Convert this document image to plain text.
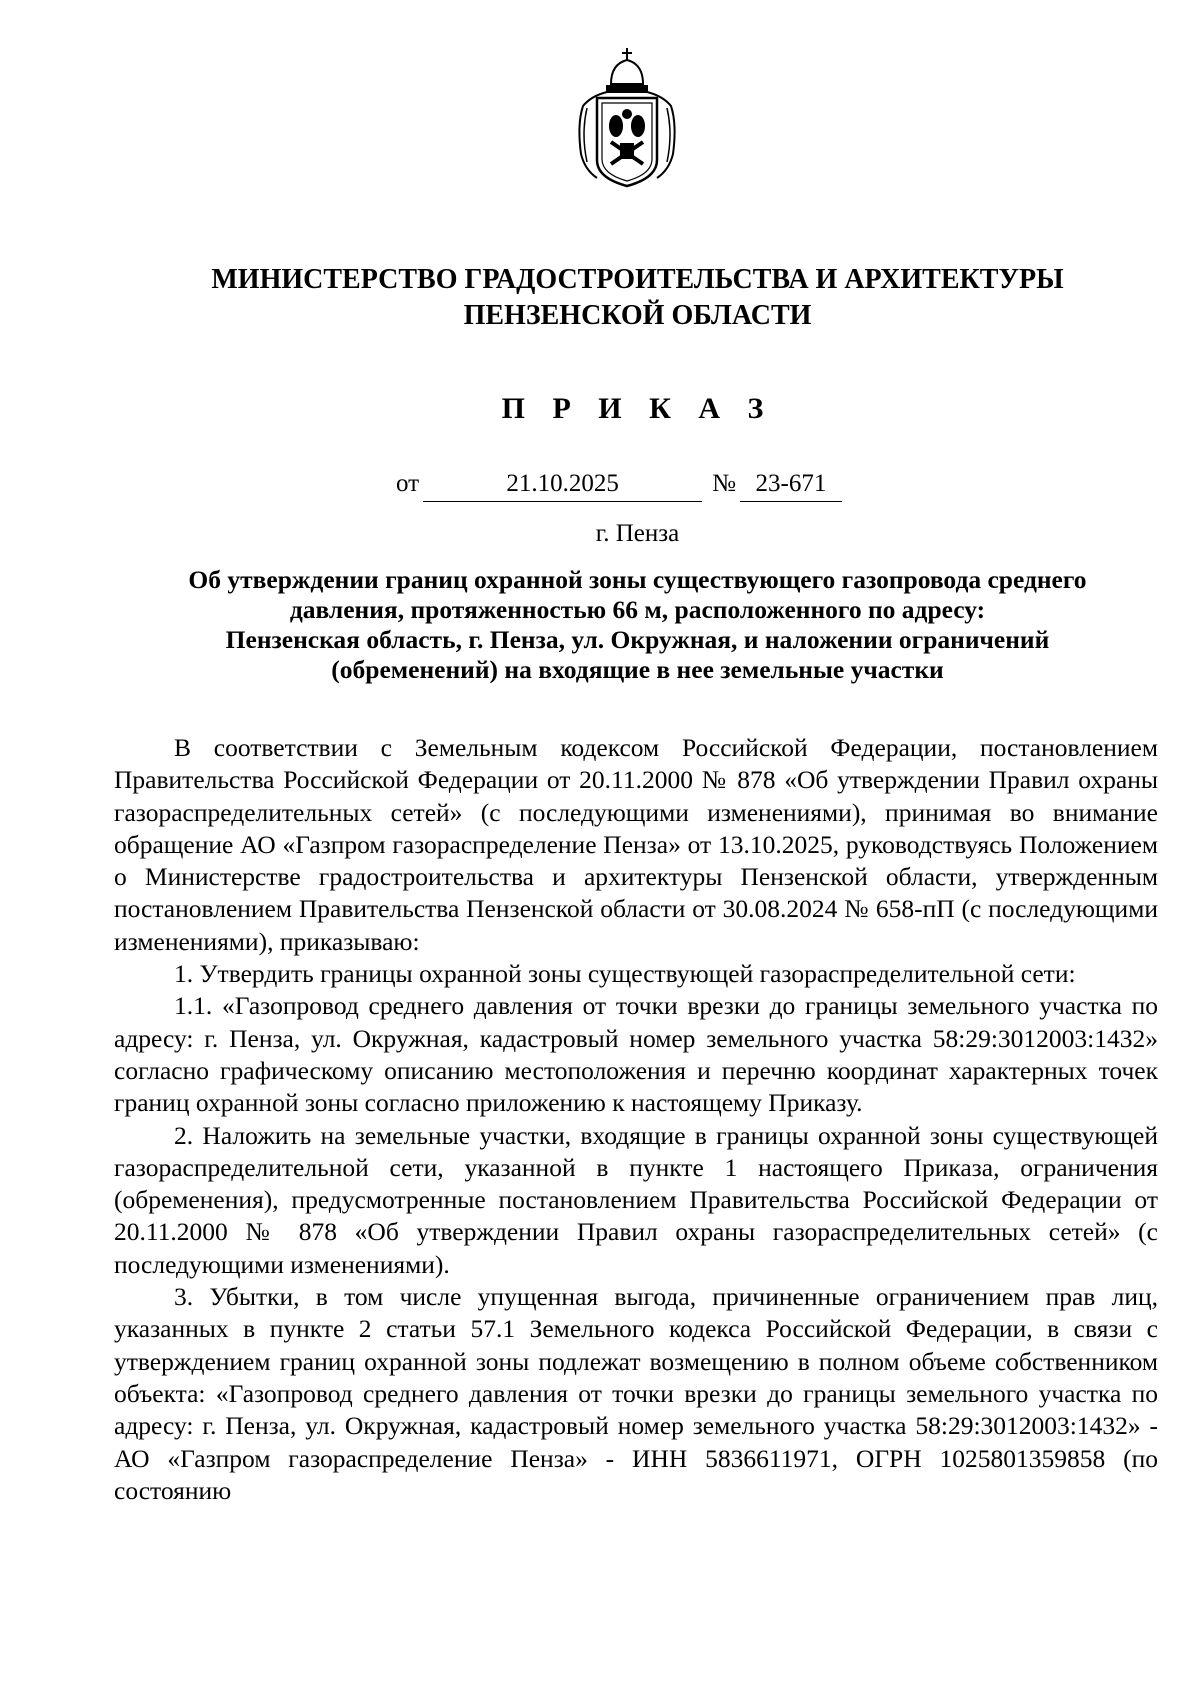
МИНИСТЕРСТВО ГРАДОСТРОИТЕЛЬСТВА И АРХИТЕКТУРЫ
ПЕНЗЕНСКОЙ ОБЛАСТИ
П Р И К А З
от	21.10.2025	№ 23-671
г. Пенза
Об утверждении границ охранной зоны существующего газопровода среднего
давления, протяженностью 66 м, расположенного по адресу:
Пензенская область, г. Пенза, ул. Окружная, и наложении ограничений
(обременений) на входящие в нее земельные участки

В соответствии с Земельным кодексом Российской Федерации, постановлением Правительства Российской Федерации от 20.11.2000 № 878 «Об утверждении Правил охраны газораспределительных сетей» (с последующими изменениями), принимая во внимание обращение АО «Газпром газораспределение Пенза» от 13.10.2025, руководствуясь Положением о Министерстве градостроительства и архитектуры Пензенской области, утвержденным постановлением Правительства Пензенской области от 30.08.2024 № 658-пП (с последующими изменениями), приказываю:

1. Утвердить границы охранной зоны существующей газораспределительной сети:

1.1. «Газопровод среднего давления от точки врезки до границы земельного участка по адресу: г. Пенза, ул. Окружная, кадастровый номер земельного участка 58:29:3012003:1432» согласно графическому описанию местоположения и перечню координат характерных точек границ охранной зоны согласно приложению к настоящему Приказу.

2. Наложить на земельные участки, входящие в границы охранной зоны существующей газораспределительной сети, указанной в пункте 1 настоящего Приказа, ограничения (обременения), предусмотренные постановлением Правительства Российской Федерации от 20.11.2000 № 878 «Об утверждении Правил охраны газораспределительных сетей» (с последующими изменениями).

3. Убытки, в том числе упущенная выгода, причиненные ограничением прав лиц, указанных в пункте 2 статьи 57.1 Земельного кодекса Российской Федерации, в связи с утверждением границ охранной зоны подлежат возмещению в полном объеме собственником объекта: «Газопровод среднего давления от точки врезки до границы земельного участка по адресу: г. Пенза, ул. Окружная, кадастровый номер земельного участка 58:29:3012003:1432» - АО «Газпром газораспределение Пенза» - ИНН 5836611971, ОГРН 1025801359858 (по состоянию
